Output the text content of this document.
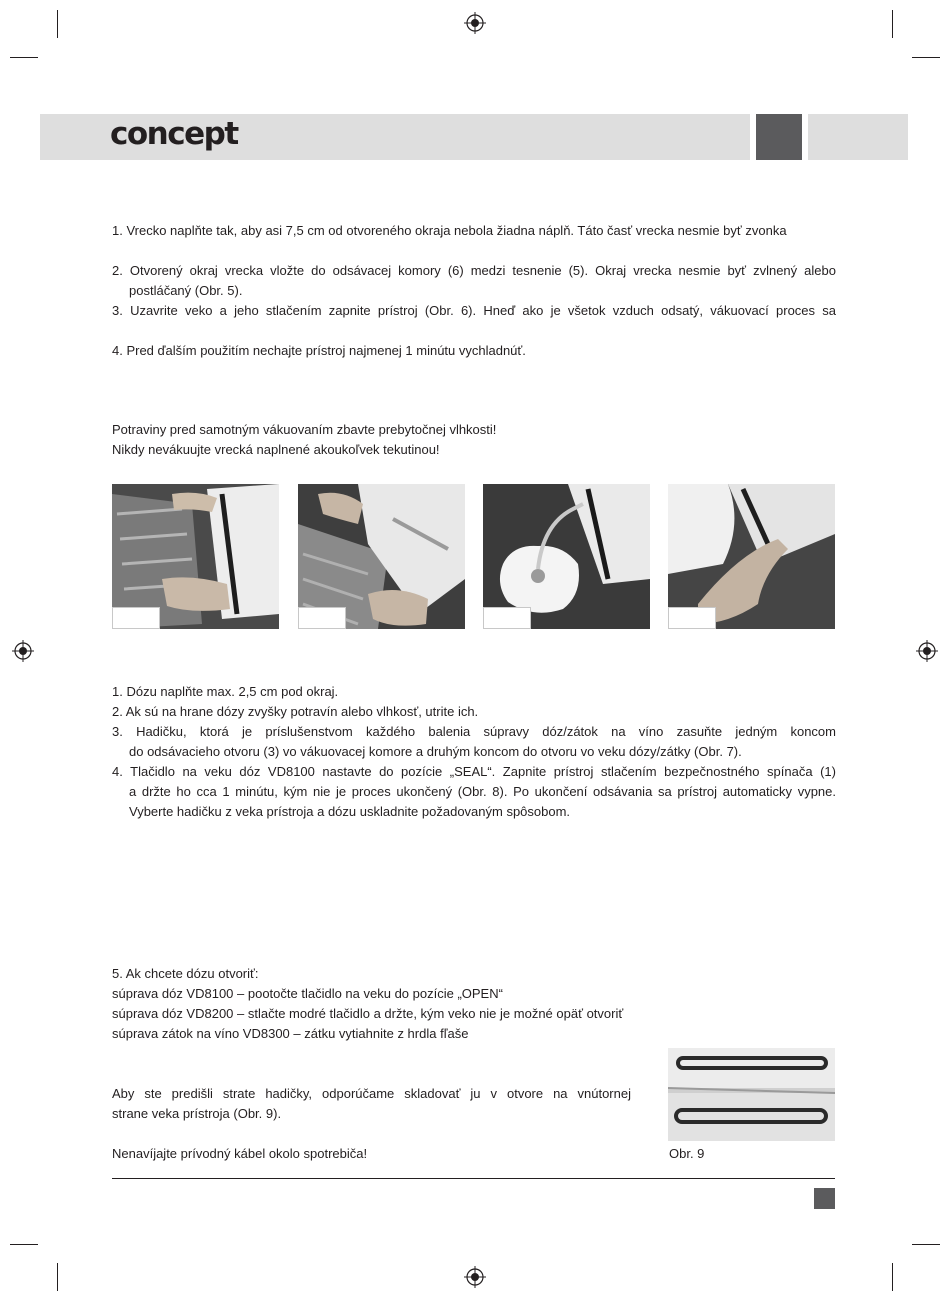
concept
1. Vrecko naplňte tak, aby asi 7,5 cm od otvoreného okraja nebola žiadna náplň. Táto časť vrecka nesmie byť zvonka
2. Otvorený okraj vrecka vložte do odsávacej komory (6) medzi tesnenie (5). Okraj vrecka nesmie byť zvlnený alebo
postláčaný (Obr. 5).
3. Uzavrite veko a jeho stlačením zapnite prístroj (Obr. 6). Hneď ako je všetok vzduch odsatý, vákuovací proces sa
4. Pred ďalším použitím nechajte prístroj najmenej 1 minútu vychladnúť.
Potraviny pred samotným vákuovaním zbavte prebytočnej vlhkosti!
Nikdy nevákuujte vrecká naplnené akoukoľvek tekutinou!
1. Dózu naplňte max. 2,5 cm pod okraj.
2. Ak sú na hrane dózy zvyšky potravín alebo vlhkosť, utrite ich.
3. Hadičku, ktorá je príslušenstvom každého balenia súpravy dóz/zátok na víno zasuňte jedným koncom
do odsávacieho otvoru (3) vo vákuovacej komore a druhým koncom do otvoru vo veku dózy/zátky (Obr. 7).
4. Tlačidlo na veku dóz VD8100 nastavte do pozície „SEAL“. Zapnite prístroj stlačením bezpečnostného spínača (1)
a držte ho cca 1 minútu, kým nie je proces ukončený (Obr. 8). Po ukončení odsávania sa prístroj automaticky vypne.
Vyberte hadičku z veka prístroja a dózu uskladnite požadovaným spôsobom.
5. Ak chcete dózu otvoriť:
súprava dóz VD8100 – pootočte tlačidlo na veku do pozície „OPEN“
súprava dóz VD8200 – stlačte modré tlačidlo a držte, kým veko nie je možné opäť otvoriť
súprava zátok na víno VD8300 – zátku vytiahnite z hrdla fľaše
Aby ste predišli strate hadičky, odporúčame skladovať ju v otvore na vnútornej
strane veka prístroja (Obr. 9).
Nenavíjajte prívodný kábel okolo spotrebiča!	Obr. 9
